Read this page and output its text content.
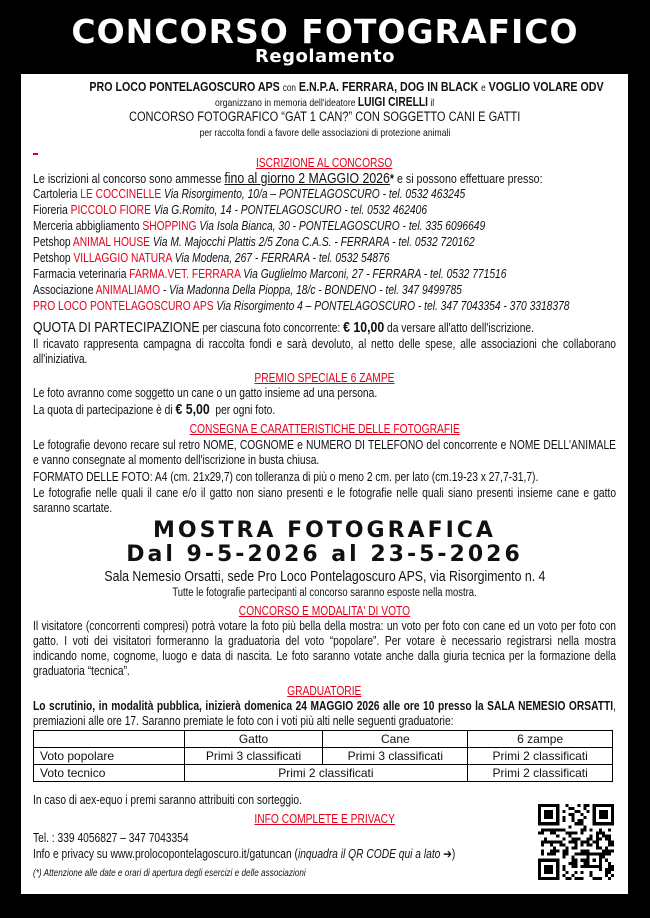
CONCORSO FOTOGRAFICO
Regolamento
PRO LOCO PONTELAGOSCURO APS con E.N.P.A. FERRARA, DOG IN BLACK e VOGLIO VOLARE ODV
organizzano in memoria dell'ideatore LUIGI CIRELLI il
CONCORSO FOTOGRAFICO “GAT 1 CAN?” CON SOGGETTO CANI E GATTI
per raccolta fondi a favore delle associazioni di protezione animali
ISCRIZIONE AL CONCORSO
Le iscrizioni al concorso sono ammesse fino al giorno 2 MAGGIO 2026* e si possono effettuare presso:
Cartoleria LE COCCINELLE Via Risorgimento, 10/a – PONTELAGOSCURO - tel. 0532 463245
Fioreria PICCOLO FIORE Via G.Romito, 14 - PONTELAGOSCURO - tel. 0532 462406
Merceria abbigliamento SHOPPING Via Isola Bianca, 30 - PONTELAGOSCURO - tel. 335 6096649
Petshop ANIMAL HOUSE Via M. Majocchi Plattis 2/5 Zona C.A.S. - FERRARA - tel. 0532 720162
Petshop VILLAGGIO NATURA Via Modena, 267 - FERRARA - tel. 0532 54876
Farmacia veterinaria FARMA.VET. FERRARA Via Guglielmo Marconi, 27 - FERRARA - tel. 0532 771516
Associazione ANIMALIAMO - Via Madonna Della Pioppa, 18/c - BONDENO - tel. 347 9499785
PRO LOCO PONTELAGOSCURO APS Via Risorgimento 4 – PONTELAGOSCURO - tel. 347 7043354 - 370 3318378
QUOTA DI PARTECIPAZIONE per ciascuna foto concorrente: € 10,00 da versare all'atto dell'iscrizione.
Il ricavato rappresenta campagna di raccolta fondi e sarà devoluto, al netto delle spese, alle associazioni che collaborano all'iniziativa.
PREMIO SPECIALE 6 ZAMPE
Le foto avranno come soggetto un cane o un gatto insieme ad una persona.
La quota di partecipazione è di € 5,00 per ogni foto.
CONSEGNA E CARATTERISTICHE DELLE FOTOGRAFIE
Le fotografie devono recare sul retro NOME, COGNOME e NUMERO DI TELEFONO del concorrente e NOME DELL'ANIMALE e vanno consegnate al momento dell'iscrizione in busta chiusa.
FORMATO DELLE FOTO: A4 (cm. 21x29,7) con tolleranza di più o meno 2 cm. per lato (cm.19-23 x 27,7-31,7).
Le fotografie nelle quali il cane e/o il gatto non siano presenti e le fotografie nelle quali siano presenti insieme cane e gatto saranno scartate.
MOSTRA FOTOGRAFICA
Dal 9-5-2026 al 23-5-2026
Sala Nemesio Orsatti, sede Pro Loco Pontelagoscuro APS, via Risorgimento n. 4
Tutte le fotografie partecipanti al concorso saranno esposte nella mostra.
CONCORSO E MODALITA' DI VOTO
Il visitatore (concorrenti compresi) potrà votare la foto più bella della mostra: un voto per foto con cane ed un voto per foto con gatto. I voti dei visitatori formeranno la graduatoria del voto “popolare”. Per votare è necessario registrarsi nella mostra indicando nome, cognome, luogo e data di nascita. Le foto saranno votate anche dalla giuria tecnica per la formazione della graduatoria “tecnica”.
GRADUATORIE
Lo scrutinio, in modalità pubblica, inizierà domenica 24 MAGGIO 2026 alle ore 10 presso la SALA NEMESIO ORSATTI, premiazioni alle ore 17. Saranno premiate le foto con i voti più alti nelle seguenti graduatorie:
	Gatto	Cane	6 zampe
Voto popolare	Primi 3 classificati	Primi 3 classificati	Primi 2 classificati
Voto tecnico	Primi 2 classificati		Primi 2 classificati
In caso di aex-equo i premi saranno attribuiti con sorteggio.
INFO COMPLETE E PRIVACY
Tel. : 339 4056827 – 347 7043354
Info e privacy su www.prolocopontelagoscuro.it/gatuncan (inquadra il QR CODE qui a lato ➔)
(*) Attenzione alle date e orari di apertura degli esercizi e delle associazioni
